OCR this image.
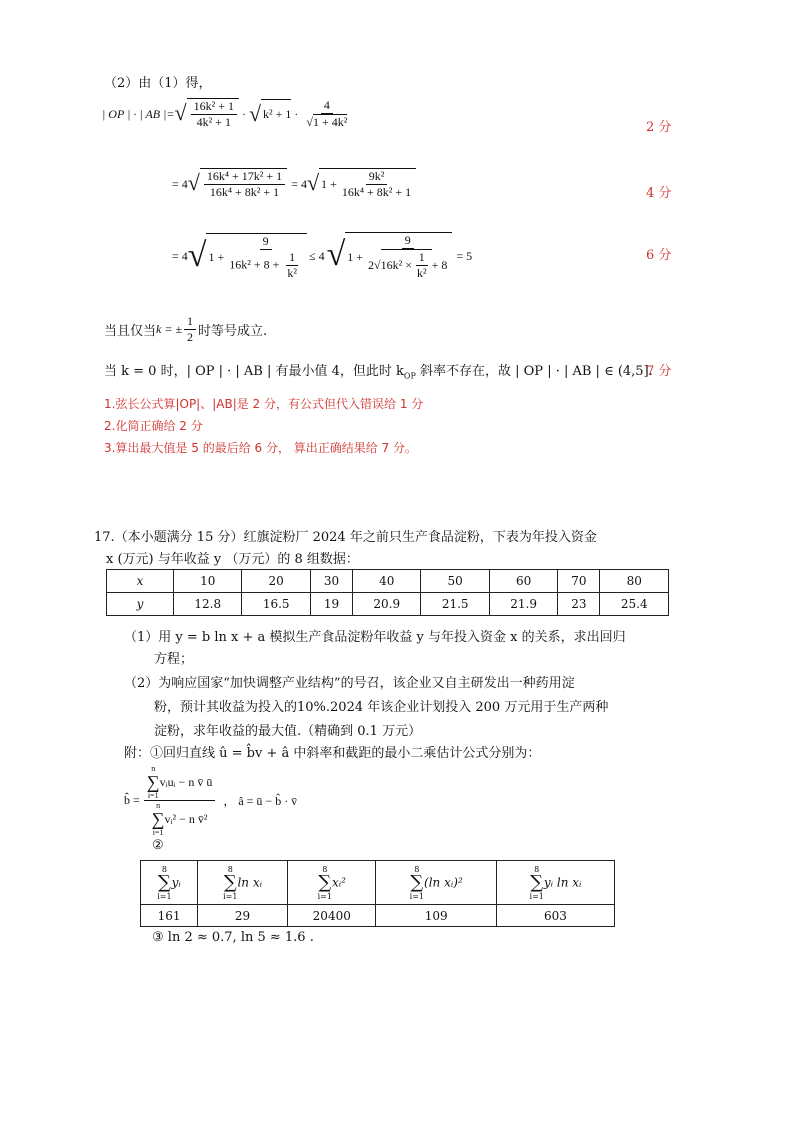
（2）由（1）得，
| OP | · | AB |= √ $\frac{\text{16k² + 1}}{\text{4k² + 1}}$ · √ $k^2 + 1 \cdot \frac{4}{\text{√ 1 + 4k²}}$	2 分
= 4 √ $\frac{\text{16k⁴ + 17k² + 1}}{\text{16k⁴ + 8k² + 1}} = 4$ √ $1 + \frac{\text{9k²}}{\text{16k⁴ + 8k² + 1}}$	4 分
= 4 √ $1 + \frac{9}{16k^2 + 8 + \frac{1}{\text{k²}}} \le 4$ √ $1 + \frac{9}{2 √ 16k^2 \times \frac{1}{\text{k²}} + 8} = 5$	6 分
当且仅当 k = ± $\frac{1}{2}$ 时等号成立.
当 k = 0 时，| OP | · | AB | 有最小值 4，但此时 $k_{OP}$ 斜率不存在，故 | OP | · | AB | ∈ (4,5].
7 分
1.弦长公式算|OP|、|AB|是 2 分，有公式但代入错误给 1 分
2.化简正确给 2 分
3.算出最大值是 5 的最后给 6 分， 算出正确结果给 7 分。
17.（本小题满分 15 分）红旗淀粉厂 2024 年之前只生产食品淀粉，下表为年投入资金
x (万元) 与年收益 y （万元）的 8 组数据：
x	10	20	30	40	50	60	70	80
y	12.8	16.5	19	20.9	21.5	21.9	23	25.4
（1）用 y = b ln x + a 模拟生产食品淀粉年收益 y 与年投入资金 x 的关系，求出回归
方程；
（2）为响应国家“加快调整产业结构”的号召，该企业又自主研发出一种药用淀
粉，预计其收益为投入的10%.2024 年该企业计划投入 200 万元用于生产两种
淀粉，求年收益的最大值.（精确到 0.1 万元）
附：①回归直线 û = b̂v + â 中斜率和截距的最小二乘估计公式分别为：
b̂ = n
∑
i=1
vᵢuᵢ − n v̄ ū
n
∑
i=1
vᵢ² − n v̄² ， â = ū − b̂ · v̄
②
8
∑
i=1
yᵢ	8
∑
i=1
ln xᵢ	8
∑
i=1
xᵢ²	8
∑
i=1
(ln xᵢ)²	8
∑
i=1
yᵢ ln xᵢ
161	29	20400	109	603
③ ln 2 ≈ 0.7, ln 5 ≈ 1.6 .
